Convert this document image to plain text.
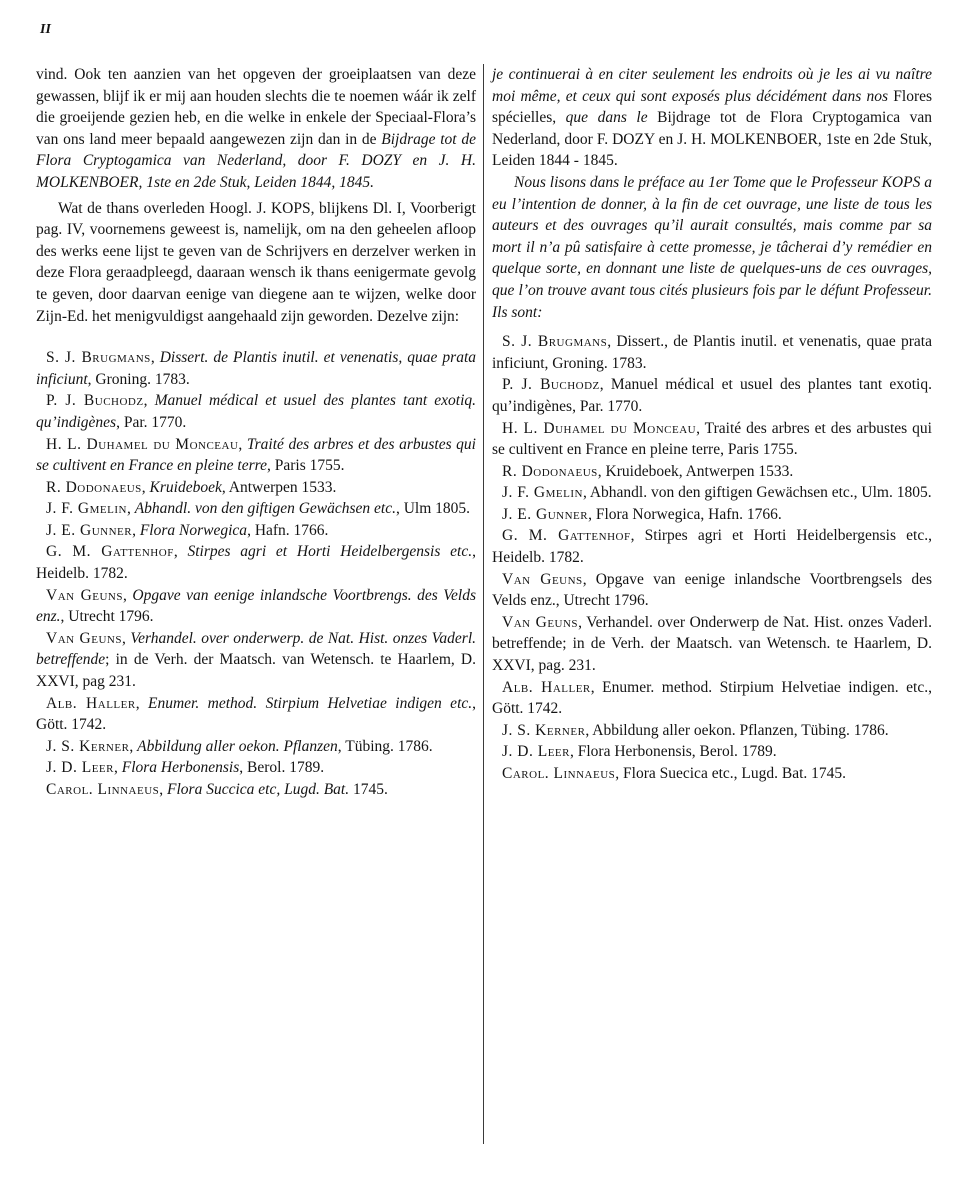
II

vind. Ook ten aanzien van het opgeven der groeiplaatsen van deze gewassen, blijf ik er mij aan houden slechts die te noemen wáár ik zelf die groeijende gezien heb, en die welke in enkele der Speciaal-Flora’s van ons land meer bepaald aangewezen zijn dan in de Bijdrage tot de Flora Cryptogamica van Nederland, door F. DOZY en J. H. MOLKENBOER, 1ste en 2de Stuk, Leiden 1844, 1845.

Wat de thans overleden Hoogl. J. KOPS, blijkens Dl. I, Voorberigt pag. IV, voornemens geweest is, namelijk, om na den geheelen afloop des werks eene lijst te geven van de Schrijvers en derzelver werken in deze Flora geraadpleegd, daaraan wensch ik thans eenigermate gevolg te geven, door daarvan eenige van diegene aan te wijzen, welke door Zijn-Ed. het menigvuldigst aangehaald zijn geworden. Dezelve zijn:

S. J. Brugmans, Dissert. de Plantis inutil. et venenatis, quae prata inficiunt, Groning. 1783.

P. J. Buchodz, Manuel médical et usuel des plantes tant exotiq. qu’indigènes, Par. 1770.

H. L. Duhamel du Monceau, Traité des arbres et des arbustes qui se cultivent en France en pleine terre, Paris 1755.

R. Dodonaeus, Kruideboek, Antwerpen 1533.

J. F. Gmelin, Abhandl. von den giftigen Gewächsen etc., Ulm 1805.

J. E. Gunner, Flora Norwegica, Hafn. 1766.

G. M. Gattenhof, Stirpes agri et Horti Heidelbergensis etc., Heidelb. 1782.

Van Geuns, Opgave van eenige inlandsche Voortbrengs. des Velds enz., Utrecht 1796.

Van Geuns, Verhandel. over onderwerp. de Nat. Hist. onzes Vaderl. betreffende; in de Verh. der Maatsch. van Wetensch. te Haarlem, D. XXVI, pag 231.

Alb. Haller, Enumer. method. Stirpium Helvetiae indigen etc., Gött. 1742.

J. S. Kerner, Abbildung aller oekon. Pflanzen, Tübing. 1786.

J. D. Leer, Flora Herbonensis, Berol. 1789.

Carol. Linnaeus, Flora Succica etc, Lugd. Bat. 1745.

je continuerai à en citer seulement les endroits où je les ai vu naître moi même, et ceux qui sont exposés plus décidément dans nos Flores spécielles, que dans le Bijdrage tot de Flora Cryptogamica van Nederland, door F. DOZY en J. H. MOLKENBOER, 1ste en 2de Stuk, Leiden 1844 - 1845.

Nous lisons dans le préface au 1er Tome que le Professeur KOPS a eu l’intention de donner, à la fin de cet ouvrage, une liste de tous les auteurs et des ouvrages qu’il aurait consultés, mais comme par sa mort il n’a pû satisfaire à cette promesse, je tâcherai d’y remédier en quelque sorte, en donnant une liste de quelques-uns de ces ouvrages, que l’on trouve avant tous cités plusieurs fois par le défunt Professeur. Ils sont:

S. J. Brugmans, Dissert., de Plantis inutil. et venenatis, quae prata inficiunt, Groning. 1783.

P. J. Buchodz, Manuel médical et usuel des plantes tant exotiq. qu’indigènes, Par. 1770.

H. L. Duhamel du Monceau, Traité des arbres et des arbustes qui se cultivent en France en pleine terre, Paris 1755.

R. Dodonaeus, Kruideboek, Antwerpen 1533.

J. F. Gmelin, Abhandl. von den giftigen Gewächsen etc., Ulm. 1805.

J. E. Gunner, Flora Norwegica, Hafn. 1766.

G. M. Gattenhof, Stirpes agri et Horti Heidelbergensis etc., Heidelb. 1782.

Van Geuns, Opgave van eenige inlandsche Voortbrengsels des Velds enz., Utrecht 1796.

Van Geuns, Verhandel. over Onderwerp de Nat. Hist. onzes Vaderl. betreffende; in de Verh. der Maatsch. van Wetensch. te Haarlem, D. XXVI, pag. 231.

Alb. Haller, Enumer. method. Stirpium Helvetiae indigen. etc., Gött. 1742.

J. S. Kerner, Abbildung aller oekon. Pflanzen, Tübing. 1786.

J. D. Leer, Flora Herbonensis, Berol. 1789.

Carol. Linnaeus, Flora Suecica etc., Lugd. Bat. 1745.
